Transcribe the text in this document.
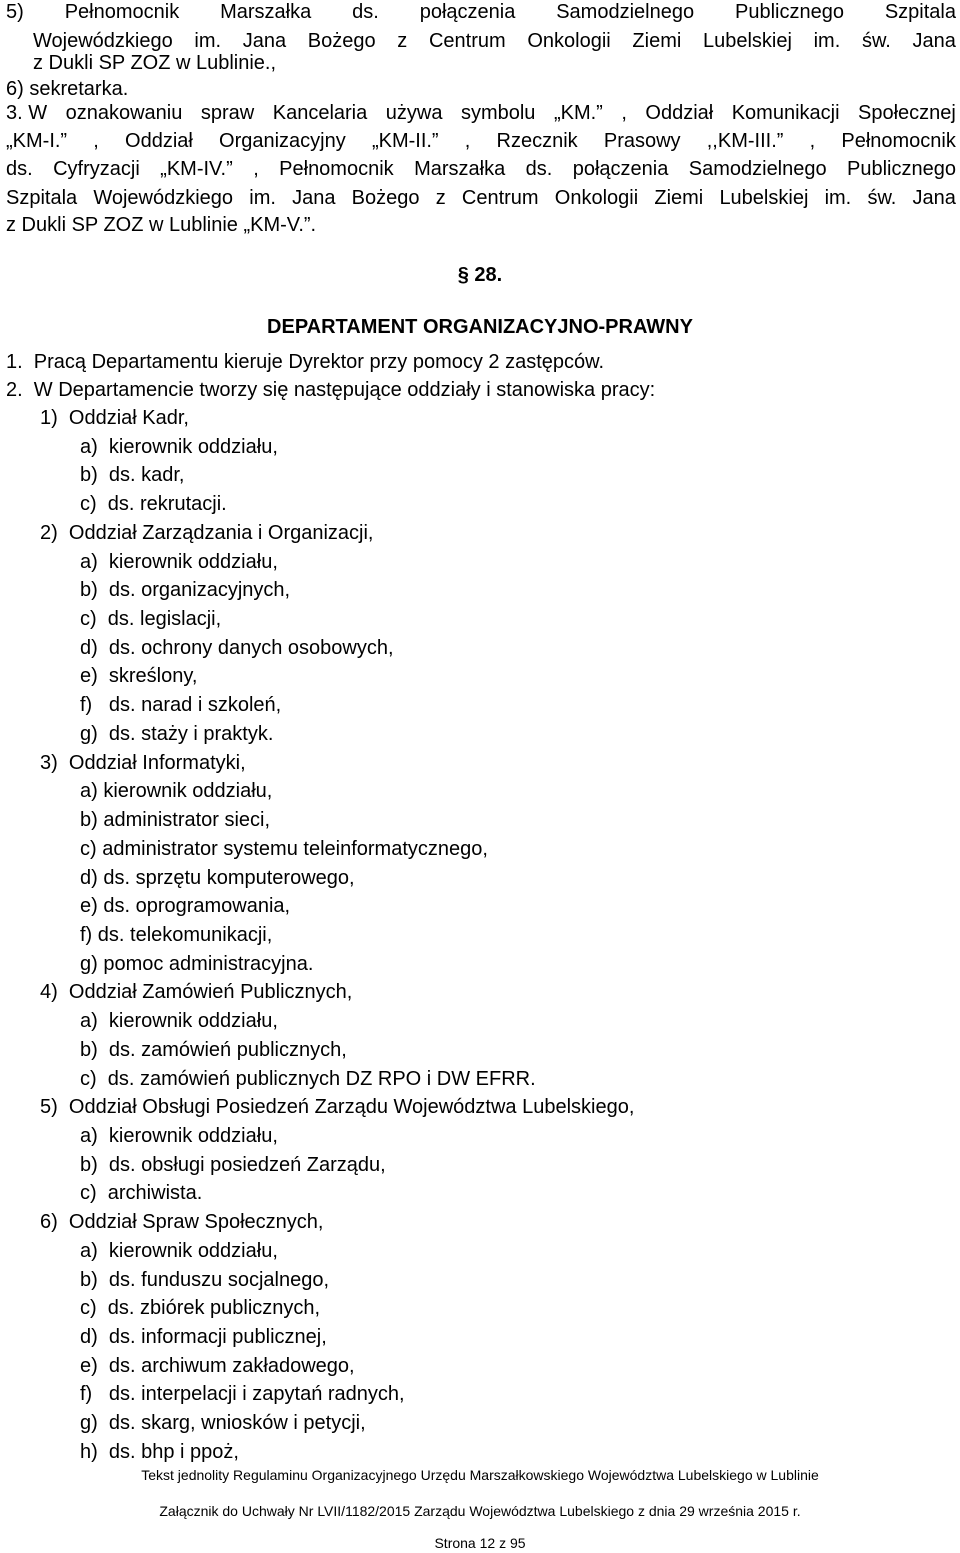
5) Pełnomocnik Marszałka ds. połączenia Samodzielnego Publicznego Szpitala
Wojewódzkiego im. Jana Bożego z Centrum Onkologii Ziemi Lubelskiej im. św. Jana
z Dukli SP ZOZ w Lublinie.,
6) sekretarka.
3. W oznakowaniu spraw Kancelaria używa symbolu „KM.” , Oddział Komunikacji Społecznej
„KM-I.” , Oddział Organizacyjny „KM-II.” , Rzecznik Prasowy ,,KM-III.” , Pełnomocnik
ds. Cyfryzacji „KM-IV.” , Pełnomocnik Marszałka ds. połączenia Samodzielnego Publicznego
Szpitala Wojewódzkiego im. Jana Bożego z Centrum Onkologii Ziemi Lubelskiej im. św. Jana
z Dukli SP ZOZ w Lublinie „KM-V.”.
§ 28.
DEPARTAMENT ORGANIZACYJNO-PRAWNY
1.  Pracą Departamentu kieruje Dyrektor przy pomocy 2 zastępców.
2.  W Departamencie tworzy się następujące oddziały i stanowiska pracy:
1)  Oddział Kadr,
a)  kierownik oddziału,
b)  ds. kadr,
c)  ds. rekrutacji.
2)  Oddział Zarządzania i Organizacji,
a)  kierownik oddziału,
b)  ds. organizacyjnych,
c)  ds. legislacji,
d)  ds. ochrony danych osobowych,
e)  skreślony,
f)   ds. narad i szkoleń,
g)  ds. staży i praktyk.
3)  Oddział Informatyki,
a) kierownik oddziału,
b) administrator sieci,
c) administrator systemu teleinformatycznego,
d) ds. sprzętu komputerowego,
e) ds. oprogramowania,
f) ds. telekomunikacji,
g) pomoc administracyjna.
4)  Oddział Zamówień Publicznych,
a)  kierownik oddziału,
b)  ds. zamówień publicznych,
c)  ds. zamówień publicznych DZ RPO i DW EFRR.
5)  Oddział Obsługi Posiedzeń Zarządu Województwa Lubelskiego,
a)  kierownik oddziału,
b)  ds. obsługi posiedzeń Zarządu,
c)  archiwista.
6)  Oddział Spraw Społecznych,
a)  kierownik oddziału,
b)  ds. funduszu socjalnego,
c)  ds. zbiórek publicznych,
d)  ds. informacji publicznej,
e)  ds. archiwum zakładowego,
f)   ds. interpelacji i zapytań radnych,
g)  ds. skarg, wniosków i petycji,
h)  ds. bhp i ppoż,
Tekst jednolity Regulaminu Organizacyjnego Urzędu Marszałkowskiego Województwa Lubelskiego w Lublinie
Załącznik do Uchwały Nr LVII/1182/2015 Zarządu Województwa Lubelskiego z dnia 29 września 2015 r.
Strona 12 z 95
